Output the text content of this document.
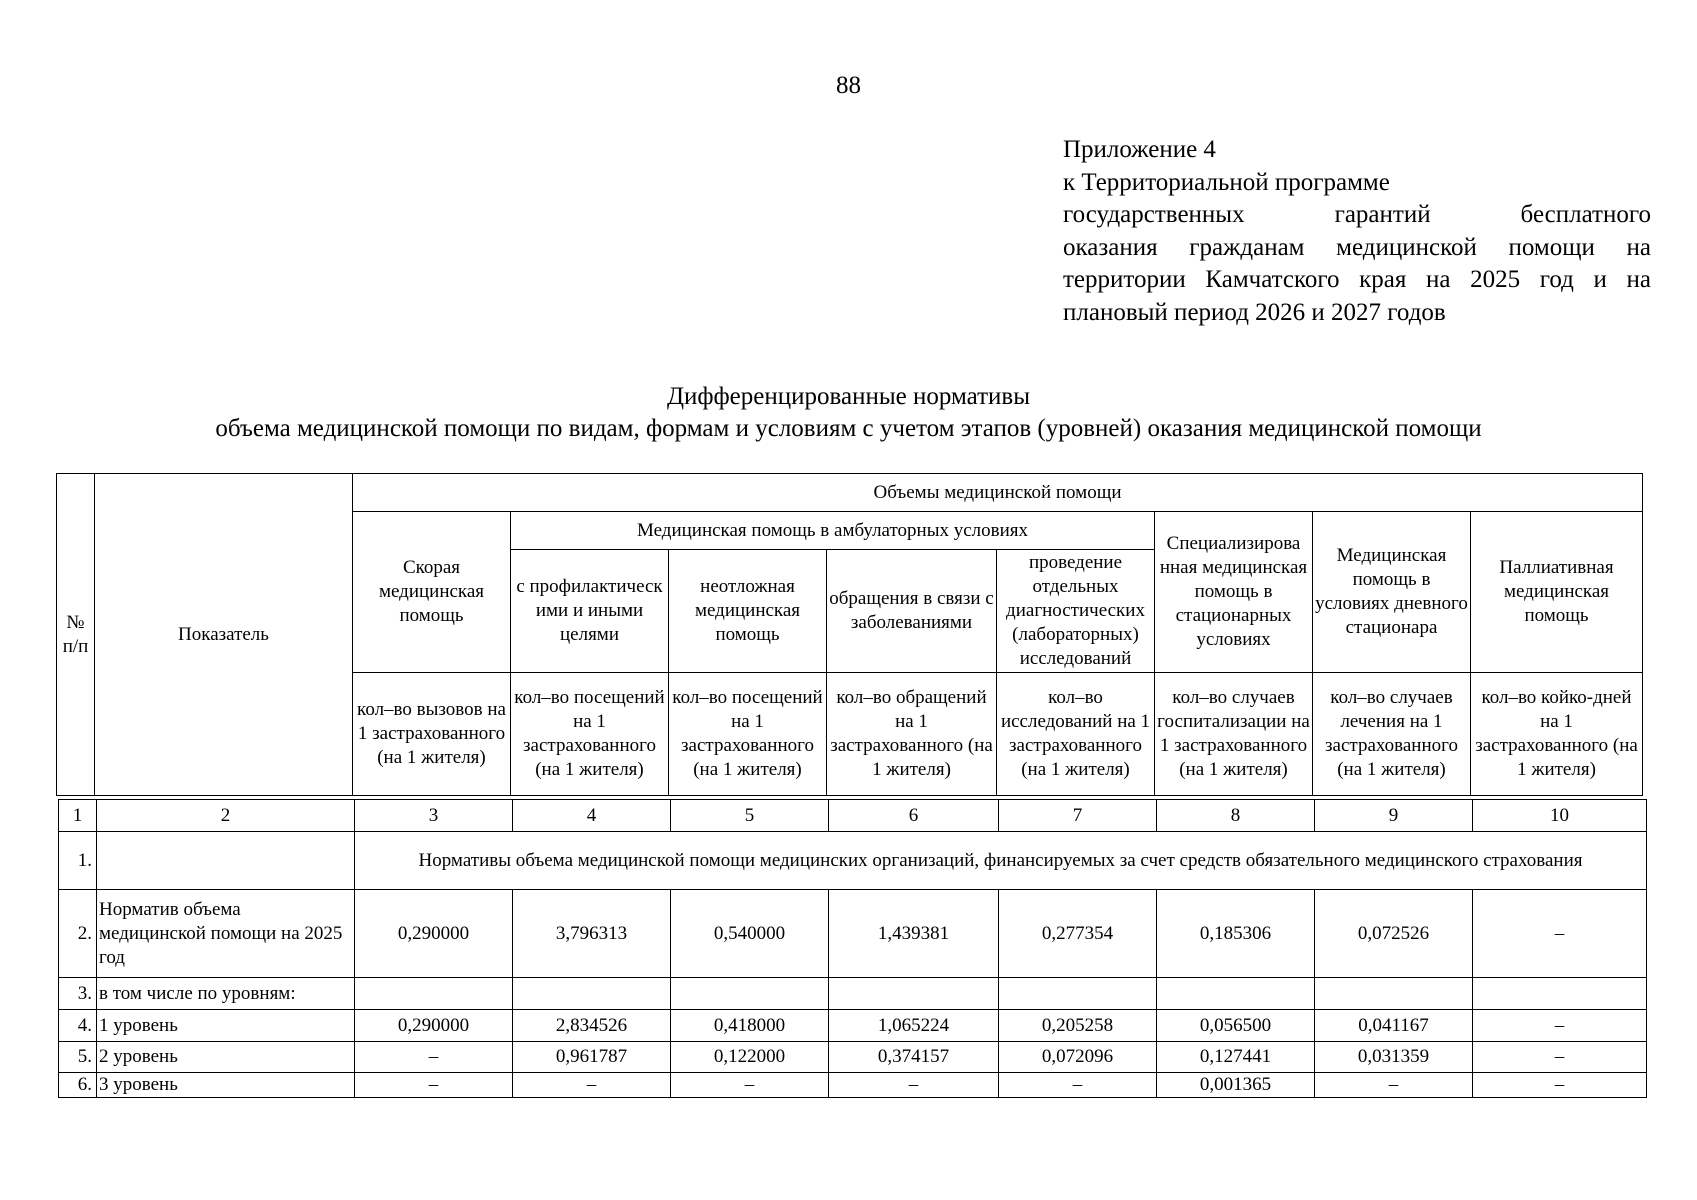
88
Приложение 4
к Территориальной программе
государственных гарантий бесплатного
оказания гражданам медицинской помощи на
территории Камчатского края на 2025 год и на
плановый период 2026 и 2027 годов
Дифференцированные нормативы
объема медицинской помощи по видам, формам и условиям с учетом этапов (уровней) оказания медицинской помощи
№ п/п	Показатель	Объемы медицинской помощи							
		Скорая медицинская помощь	Медицинская помощь в амбулаторных условиях				Специализирова нная медицинская помощь в стационарных условиях	Медицинская помощь в условиях дневного стационара	Паллиативная медицинская помощь
			с профилактическ ими и иными целями	неотложная медицинская помощь	обращения в связи с заболеваниями	проведение отдельных диагностических (лабораторных) исследований			
		кол–во вызовов на 1 застрахованного (на 1 жителя)	кол–во посещений на 1 застрахованного (на 1 жителя)	кол–во посещений на 1 застрахованного (на 1 жителя)	кол–во обращений на 1 застрахованного (на 1 жителя)	кол–во исследований на 1 застрахованного (на 1 жителя)	кол–во случаев госпитализации на 1 застрахованного (на 1 жителя)	кол–во случаев лечения на 1 застрахованного (на 1 жителя)	кол–во койко-дней на 1 застрахованного (на 1 жителя)
1	2	3	4	5	6	7	8	9	10
1.		Нормативы объема медицинской помощи медицинских организаций, финансируемых за счет средств обязательного медицинского страхования							
2.	Норматив объема медицинской помощи на 2025 год	0,290000	3,796313	0,540000	1,439381	0,277354	0,185306	0,072526	–
3.	в том числе по уровням:								
4.	1 уровень	0,290000	2,834526	0,418000	1,065224	0,205258	0,056500	0,041167	–
5.	2 уровень	–	0,961787	0,122000	0,374157	0,072096	0,127441	0,031359	–
6.	3 уровень	–	–	–	–	–	0,001365	–	–
